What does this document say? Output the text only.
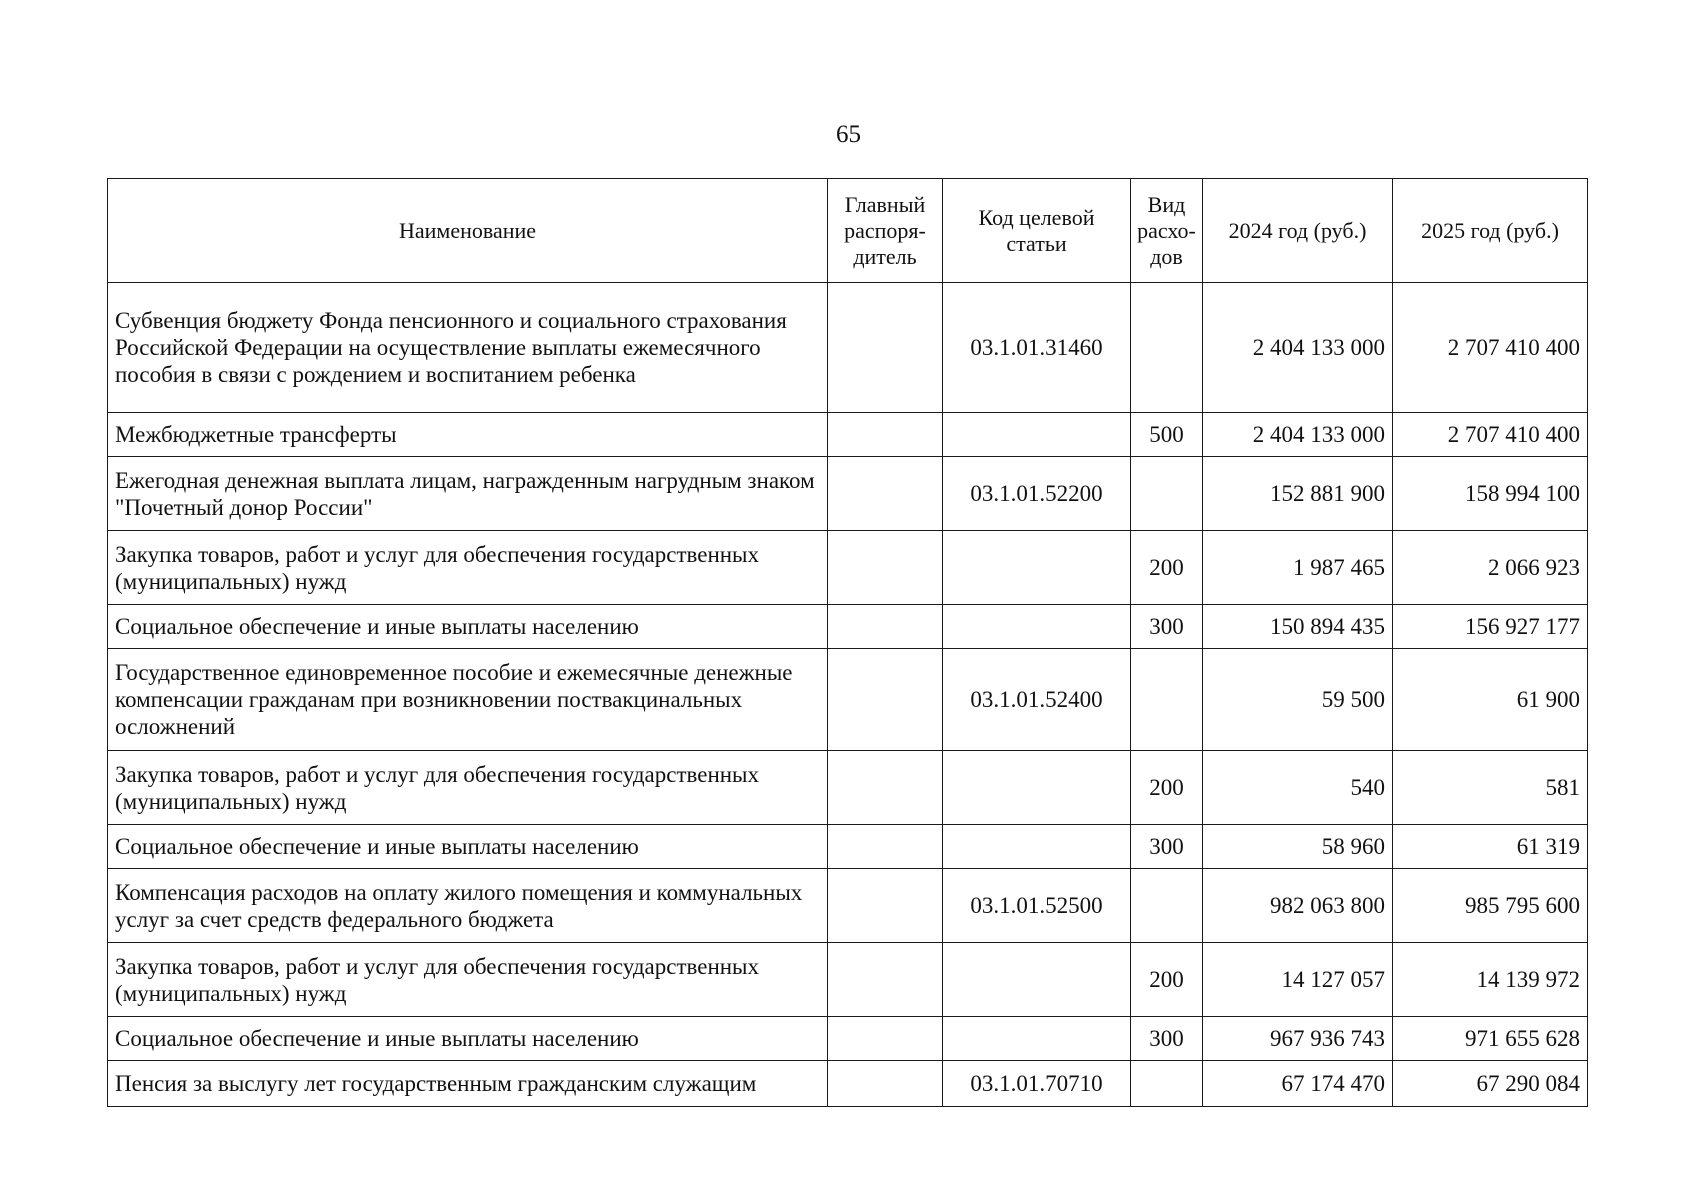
65
Наименование	Главный распоря-дитель	Код целевой статьи	Вид расхо-дов	2024 год (руб.)	2025 год (руб.)
Субвенция бюджету Фонда пенсионного и социального страхования Российской Федерации на осуществление выплаты ежемесячного пособия в связи с рождением и воспитанием ребенка		03.1.01.31460		2 404 133 000	2 707 410 400
Межбюджетные трансферты			500	2 404 133 000	2 707 410 400
Ежегодная денежная выплата лицам, награжденным нагрудным знаком "Почетный донор России"		03.1.01.52200		152 881 900	158 994 100
Закупка товаров, работ и услуг для обеспечения государственных (муниципальных) нужд			200	1 987 465	2 066 923
Социальное обеспечение и иные выплаты населению			300	150 894 435	156 927 177
Государственное единовременное пособие и ежемесячные денежные компенсации гражданам при возникновении поствакцинальных осложнений		03.1.01.52400		59 500	61 900
Закупка товаров, работ и услуг для обеспечения государственных (муниципальных) нужд			200	540	581
Социальное обеспечение и иные выплаты населению			300	58 960	61 319
Компенсация расходов на оплату жилого помещения и коммунальных услуг за счет средств федерального бюджета		03.1.01.52500		982 063 800	985 795 600
Закупка товаров, работ и услуг для обеспечения государственных (муниципальных) нужд			200	14 127 057	14 139 972
Социальное обеспечение и иные выплаты населению			300	967 936 743	971 655 628
Пенсия за выслугу лет государственным гражданским служащим		03.1.01.70710		67 174 470	67 290 084
